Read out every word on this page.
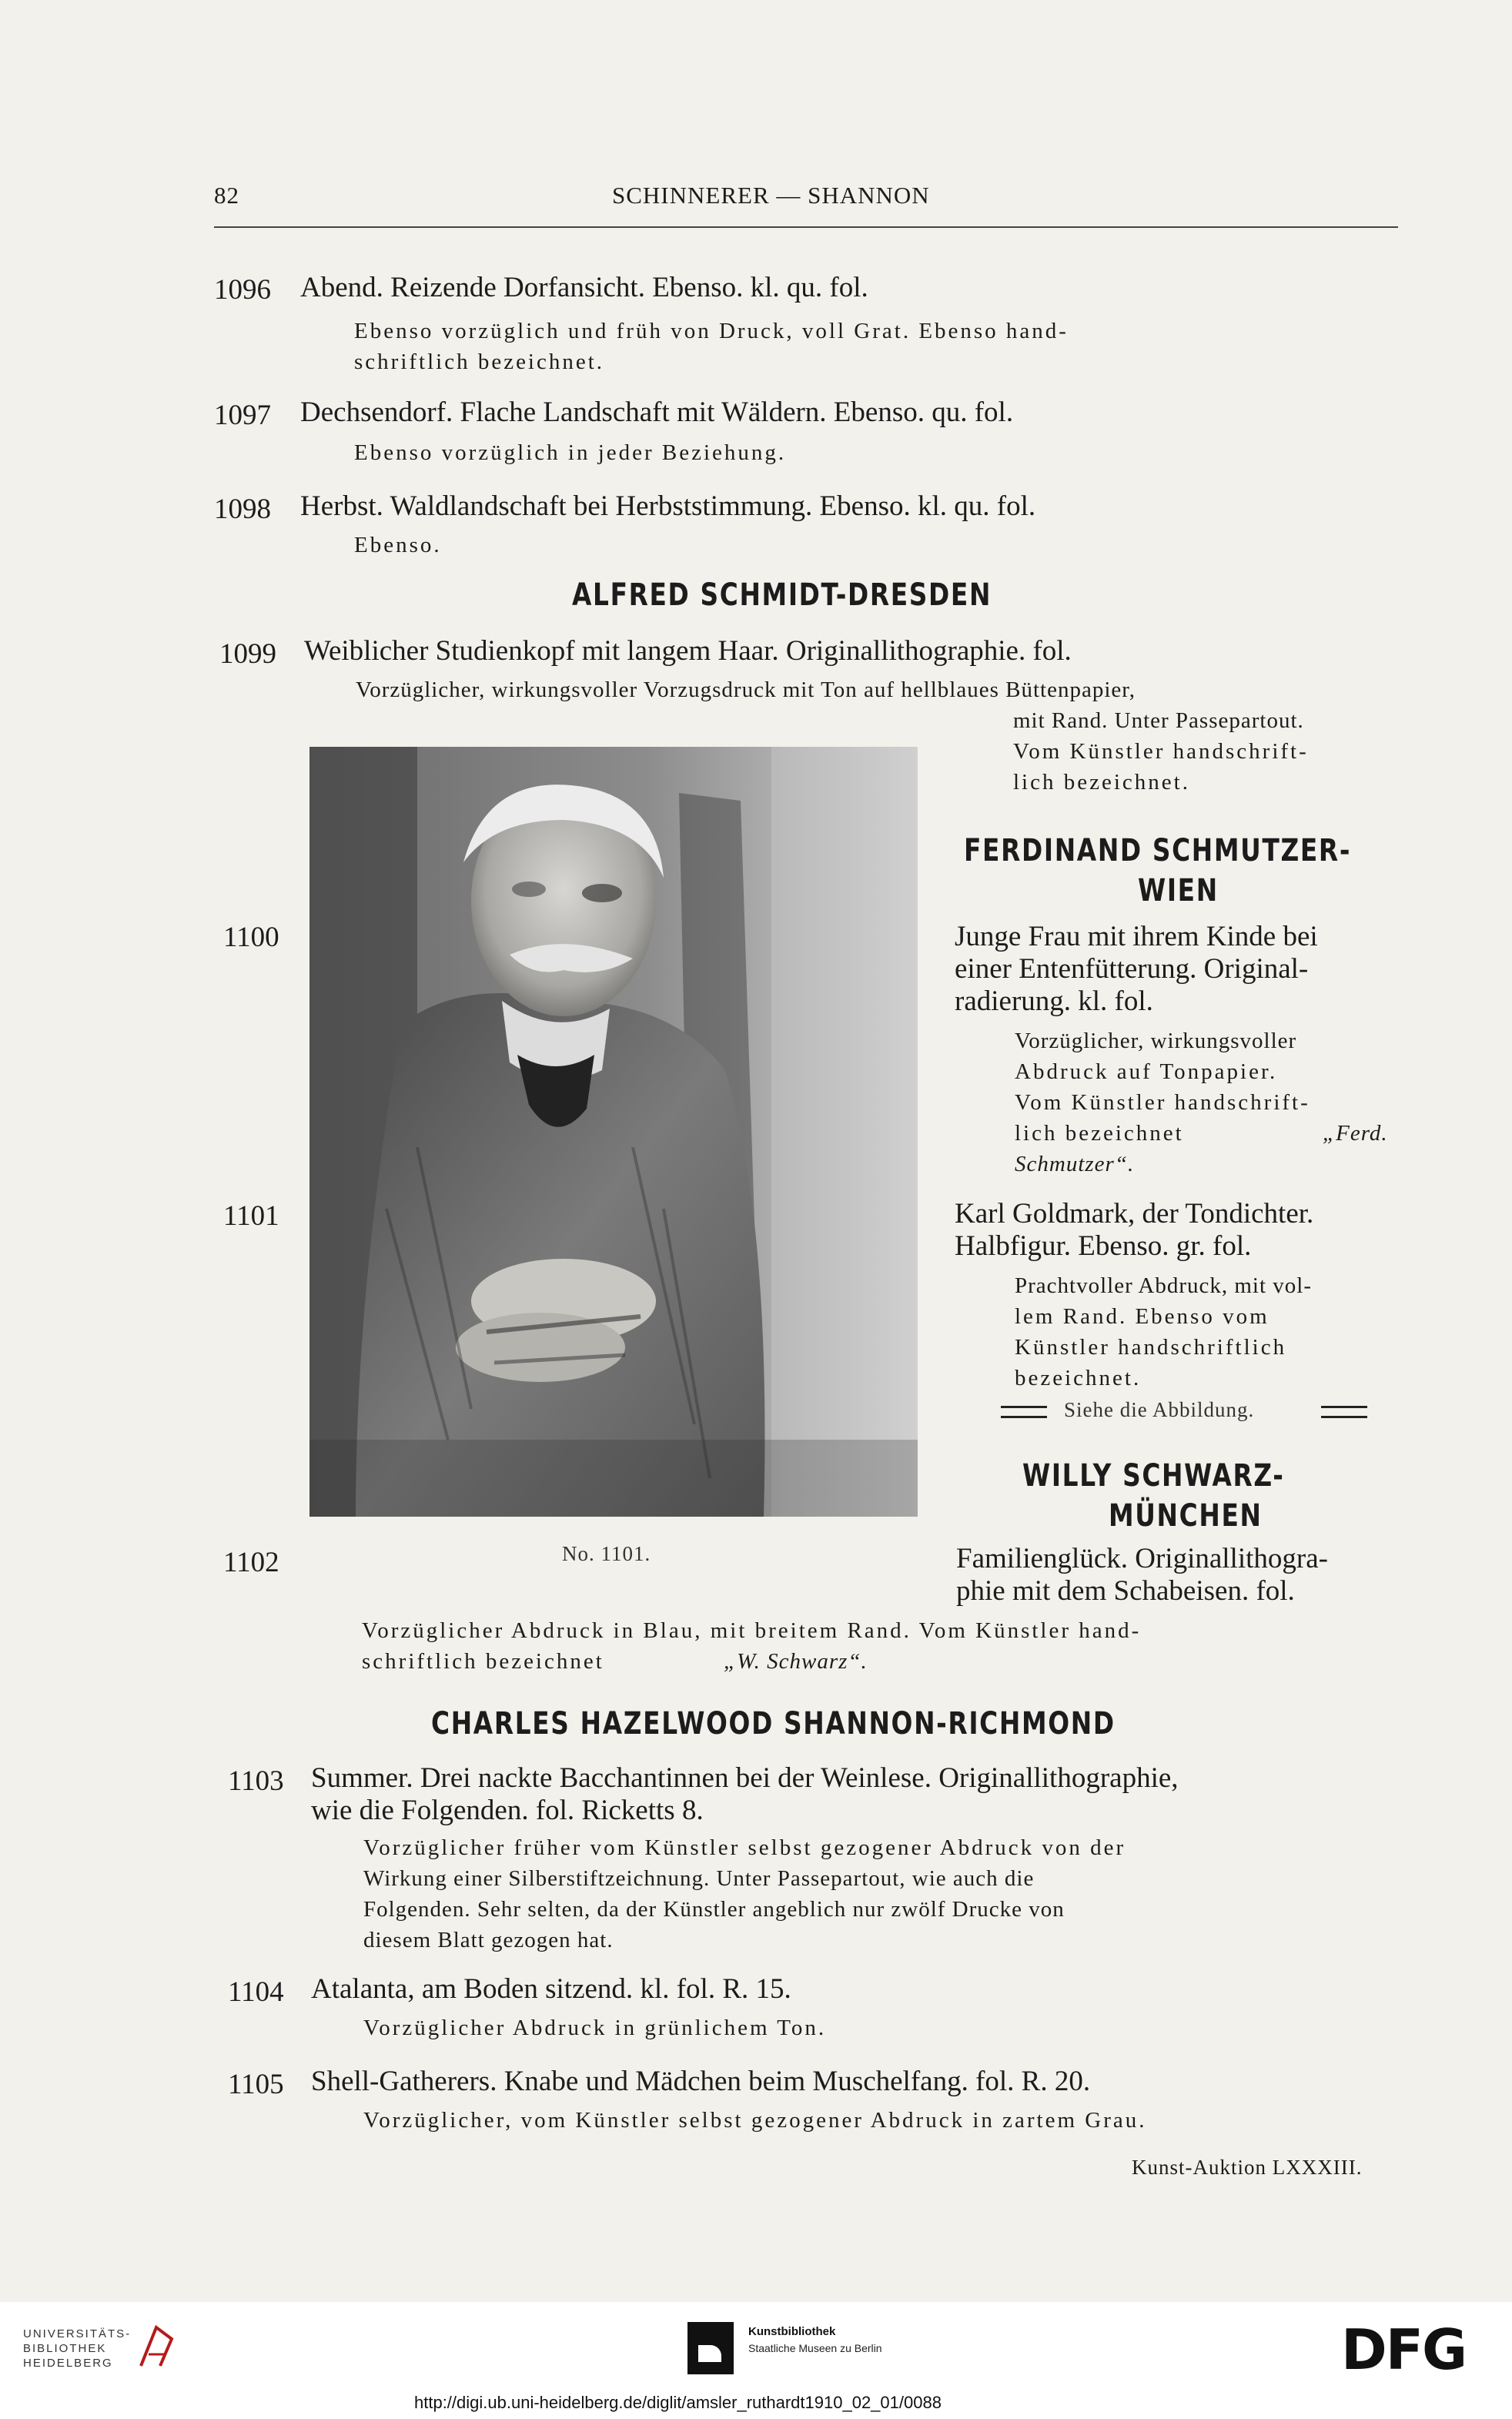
82	SCHINNERER — SHANNON
1096 Abend. Reizende Dorfansicht. Ebenso. kl. qu. fol.
Ebenso vorzüglich und früh von Druck, voll Grat. Ebenso hand-
schriftlich bezeichnet.
1097 Dechsendorf. Flache Landschaft mit Wäldern. Ebenso. qu. fol.
Ebenso vorzüglich in jeder Beziehung.
1098 Herbst. Waldlandschaft bei Herbststimmung. Ebenso. kl. qu. fol.
Ebenso.
ALFRED SCHMIDT-DRESDEN
1099 Weiblicher Studienkopf mit langem Haar. Originallithographie. fol.
Vorzüglicher, wirkungsvoller Vorzugsdruck mit Ton auf hellblaues Büttenpapier,
mit Rand. Unter Passepartout.
Vom Künstler handschrift-
lich bezeichnet.
No. 1101.
FERDINAND SCHMUTZER-
WIEN
1100	Junge Frau mit ihrem Kinde bei
einer Entenfütterung. Original-
radierung. kl. fol.
Vorzüglicher, wirkungsvoller
Abdruck auf Tonpapier.
Vom Künstler handschrift-
lich bezeichnet	„Ferd.
Schmutzer“.
1101	Karl Goldmark, der Tondichter.
Halbfigur. Ebenso. gr. fol.
Prachtvoller Abdruck, mit vol-
lem Rand. Ebenso vom
Künstler handschriftlich
bezeichnet.
Siehe die Abbildung.
WILLY SCHWARZ-
MÜNCHEN
1102	Familienglück. Originallithogra-
phie mit dem Schabeisen. fol.
Vorzüglicher Abdruck in Blau, mit breitem Rand. Vom Künstler hand-
schriftlich bezeichnet	„W. Schwarz“.
CHARLES HAZELWOOD SHANNON-RICHMOND
1103 Summer. Drei nackte Bacchantinnen bei der Weinlese. Originallithographie,
wie die Folgenden. fol. Ricketts 8.
Vorzüglicher früher vom Künstler selbst gezogener Abdruck von der
Wirkung einer Silberstiftzeichnung. Unter Passepartout, wie auch die
Folgenden. Sehr selten, da der Künstler angeblich nur zwölf Drucke von
diesem Blatt gezogen hat.
1104 Atalanta, am Boden sitzend. kl. fol. R. 15.
Vorzüglicher Abdruck in grünlichem Ton.
1105 Shell-Gatherers. Knabe und Mädchen beim Muschelfang. fol. R. 20.
Vorzüglicher, vom Künstler selbst gezogener Abdruck in zartem Grau.
Kunst-Auktion LXXXIII.
UNIVERSITÄTS-
BIBLIOTHEK
HEIDELBERG
Kunstbibliothek
Staatliche Museen zu Berlin	DFG
http://digi.ub.uni-heidelberg.de/diglit/amsler_ruthardt1910_02_01/0088
